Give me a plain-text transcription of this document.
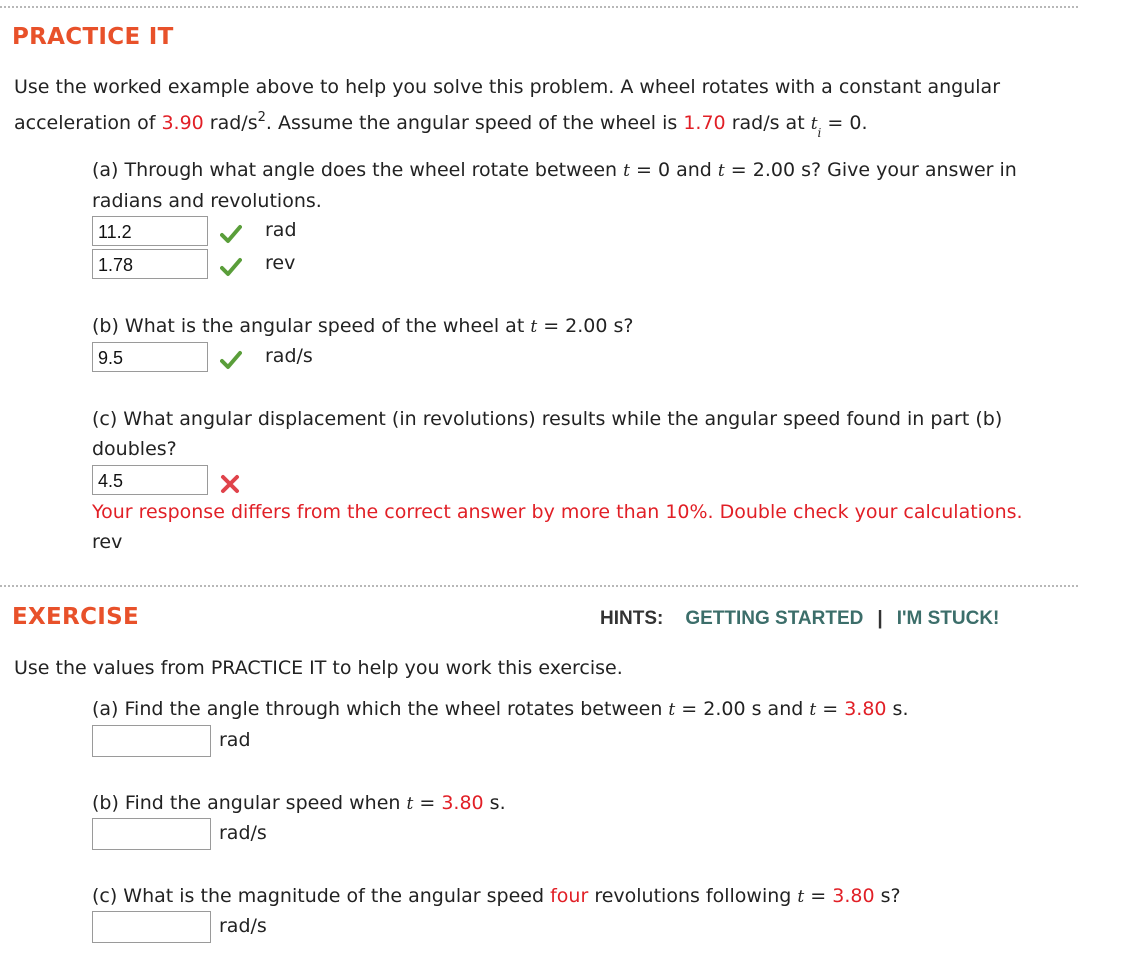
PRACTICE IT
Use the worked example above to help you solve this problem. A wheel rotates with a constant angular
acceleration of 3.90 rad/$s^2$. Assume the angular speed of the wheel is 1.70 rad/s at $t_i = 0$.
(a) Through what angle does the wheel rotate between t = 0 and t = 2.00 s? Give your answer in
radians and revolutions.
11.2	rad
1.78	rev
(b) What is the angular speed of the wheel at t = 2.00 s?
9.5	rad/s
(c) What angular displacement (in revolutions) results while the angular speed found in part (b)
doubles?
4.5
Your response differs from the correct answer by more than 10%. Double check your calculations.
rev
EXERCISE	HINTS: GETTING STARTED | I'M STUCK!
Use the values from PRACTICE IT to help you work this exercise.
(a) Find the angle through which the wheel rotates between t = 2.00 s and t = 3.80 s.
rad
(b) Find the angular speed when t = 3.80 s.
rad/s
(c) What is the magnitude of the angular speed four revolutions following t = 3.80 s?
rad/s
